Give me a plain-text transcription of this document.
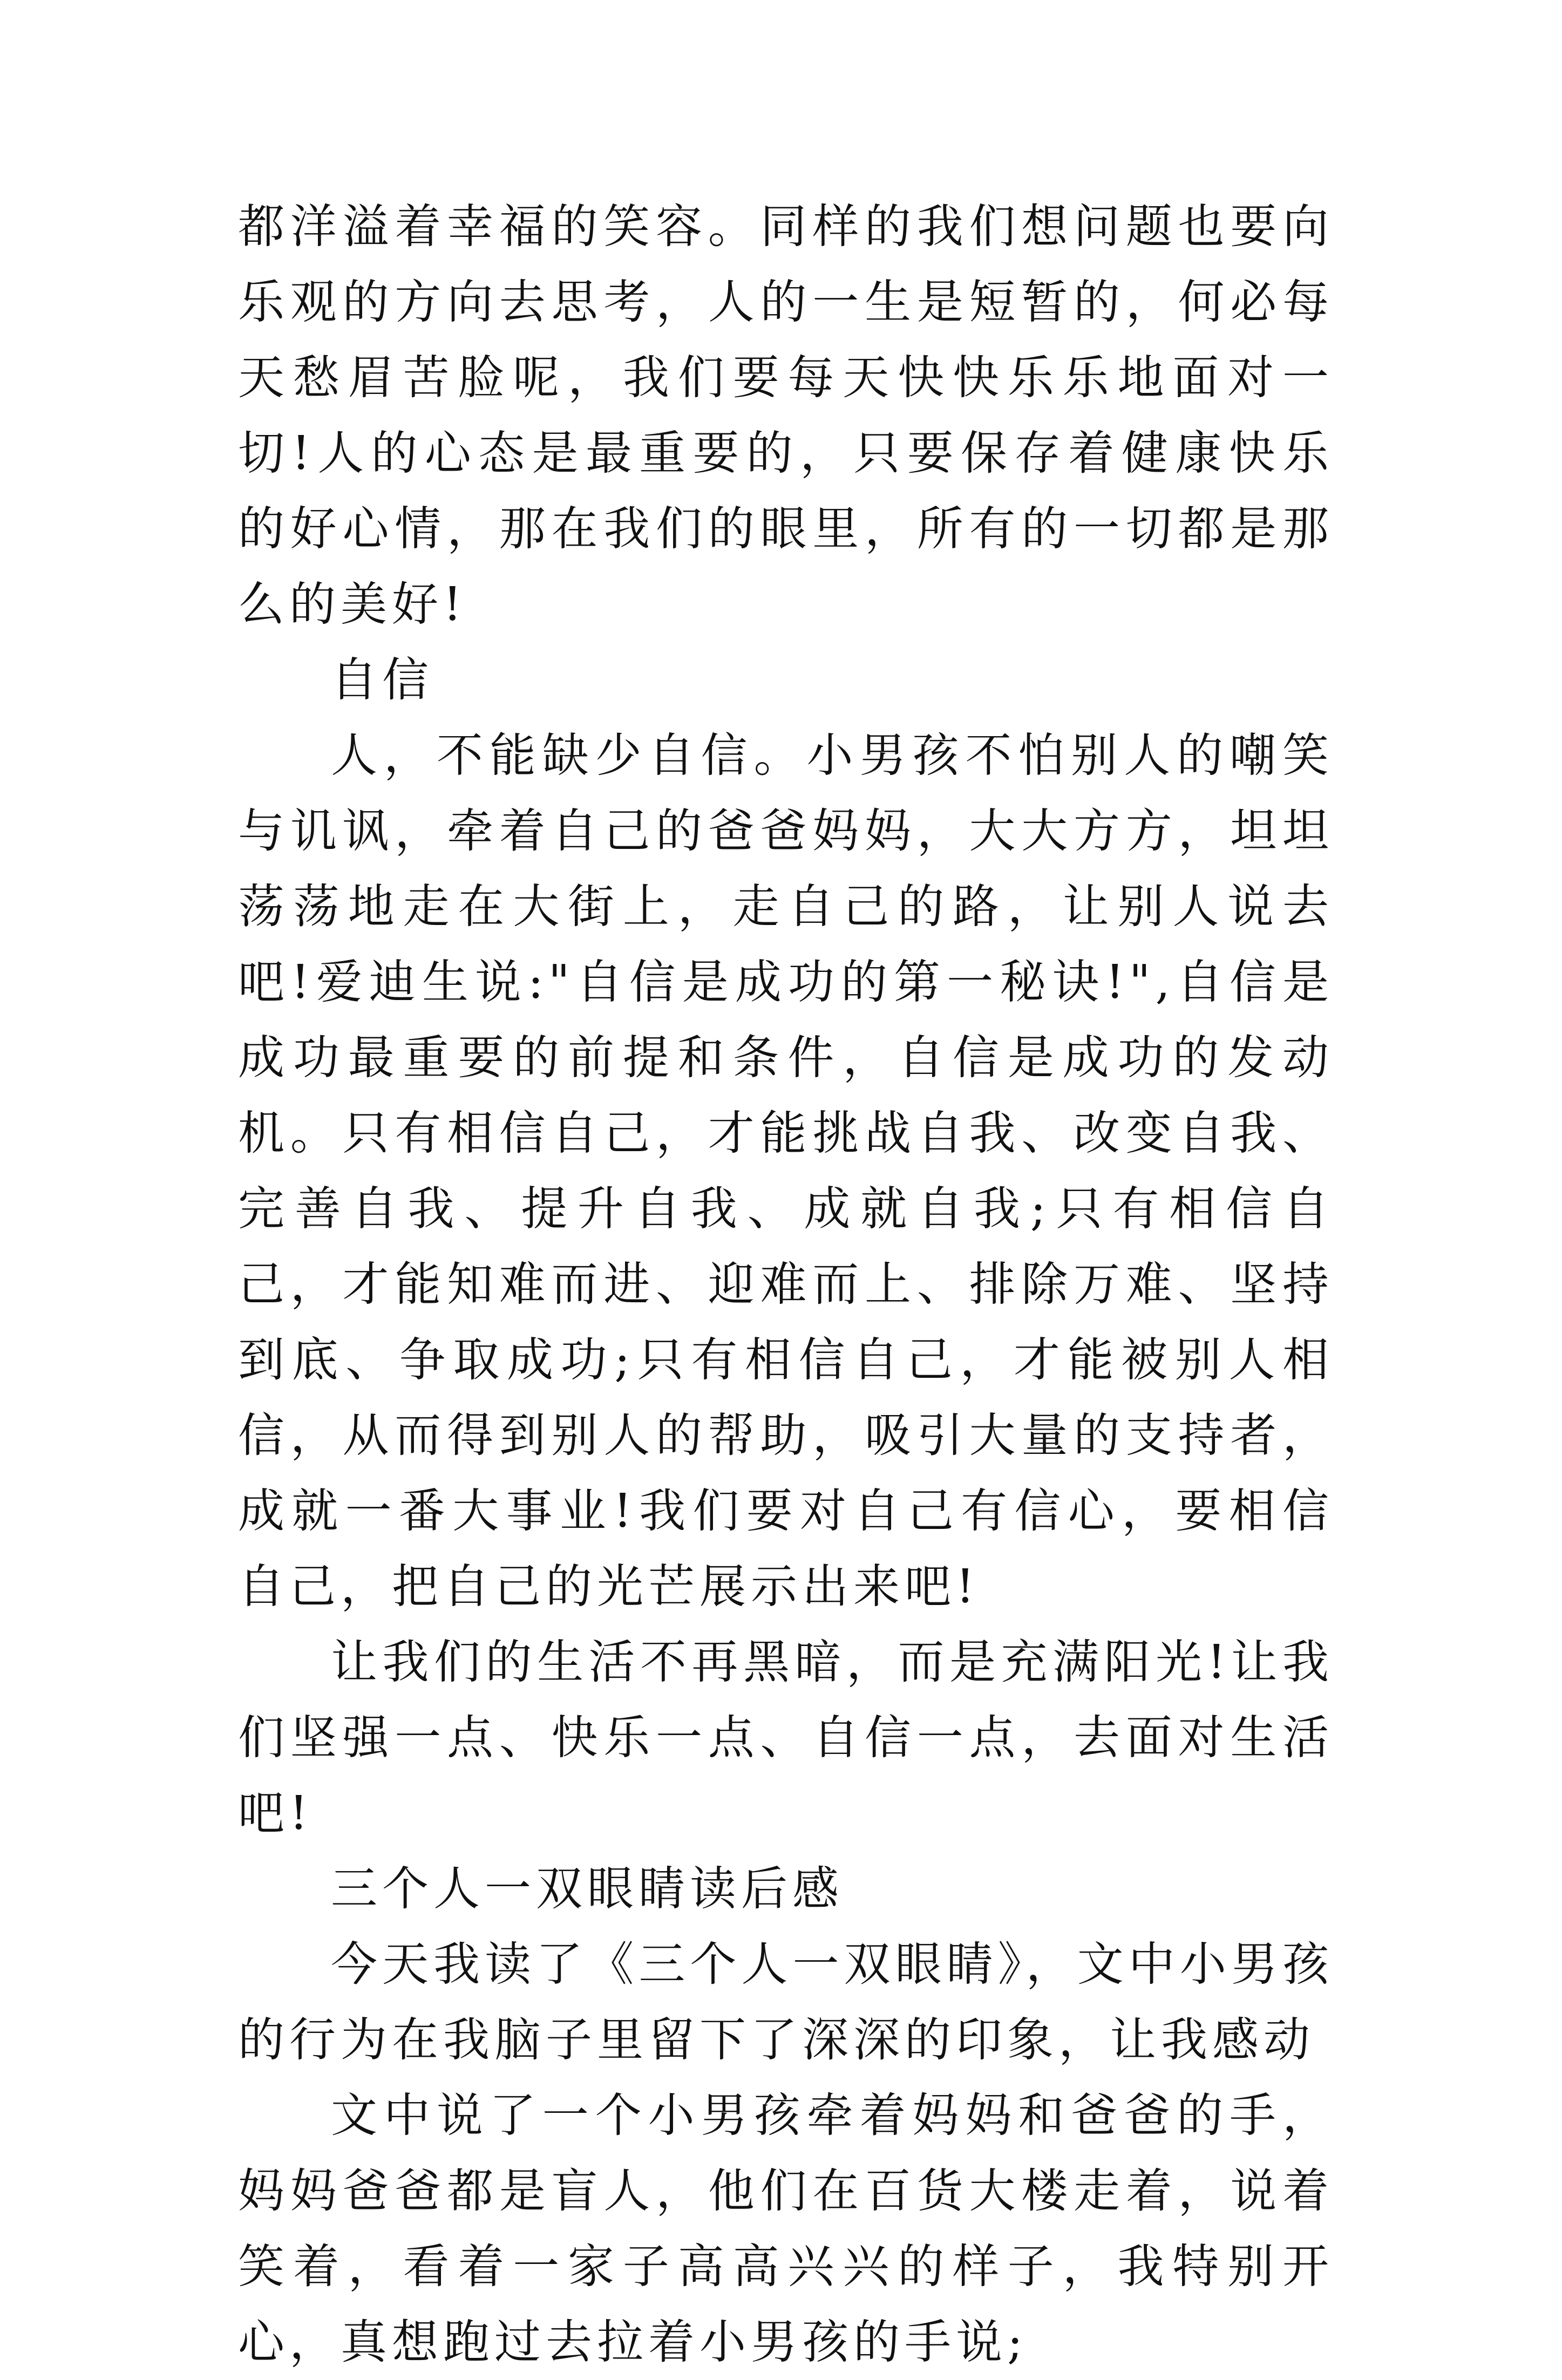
都洋溢着幸福的笑容。同样的我们想问题也要向乐观的方向去思考，人的一生是短暂的，何必每天愁眉苦脸呢，我们要每天快快乐乐地面对一切!人的心态是最重要的，只要保存着健康快乐的好心情，那在我们的眼里，所有的一切都是那么的美好!

自信

人，不能缺少自信。小男孩不怕别人的嘲笑与讥讽，牵着自己的爸爸妈妈，大大方方，坦坦荡荡地走在大街上，走自己的路，让别人说去吧!爱迪生说:"自信是成功的第一秘诀!",自信是成功最重要的前提和条件，自信是成功的发动机。只有相信自己，才能挑战自我、改变自我、完善自我、提升自我、成就自我;只有相信自己，才能知难而进、迎难而上、排除万难、坚持到底、争取成功;只有相信自己，才能被别人相信，从而得到别人的帮助，吸引大量的支持者，成就一番大事业!我们要对自己有信心，要相信自己，把自己的光芒展示出来吧!

让我们的生活不再黑暗，而是充满阳光!让我们坚强一点、快乐一点、自信一点，去面对生活吧!

三个人一双眼睛读后感

今天我读了《三个人一双眼睛》，文中小男孩的行为在我脑子里留下了深深的印象，让我感动

文中说了一个小男孩牵着妈妈和爸爸的手，妈妈爸爸都是盲人，他们在百货大楼走着，说着笑着，看着一家子高高兴兴的样子，我特别开心，真想跑过去拉着小男孩的手说;
